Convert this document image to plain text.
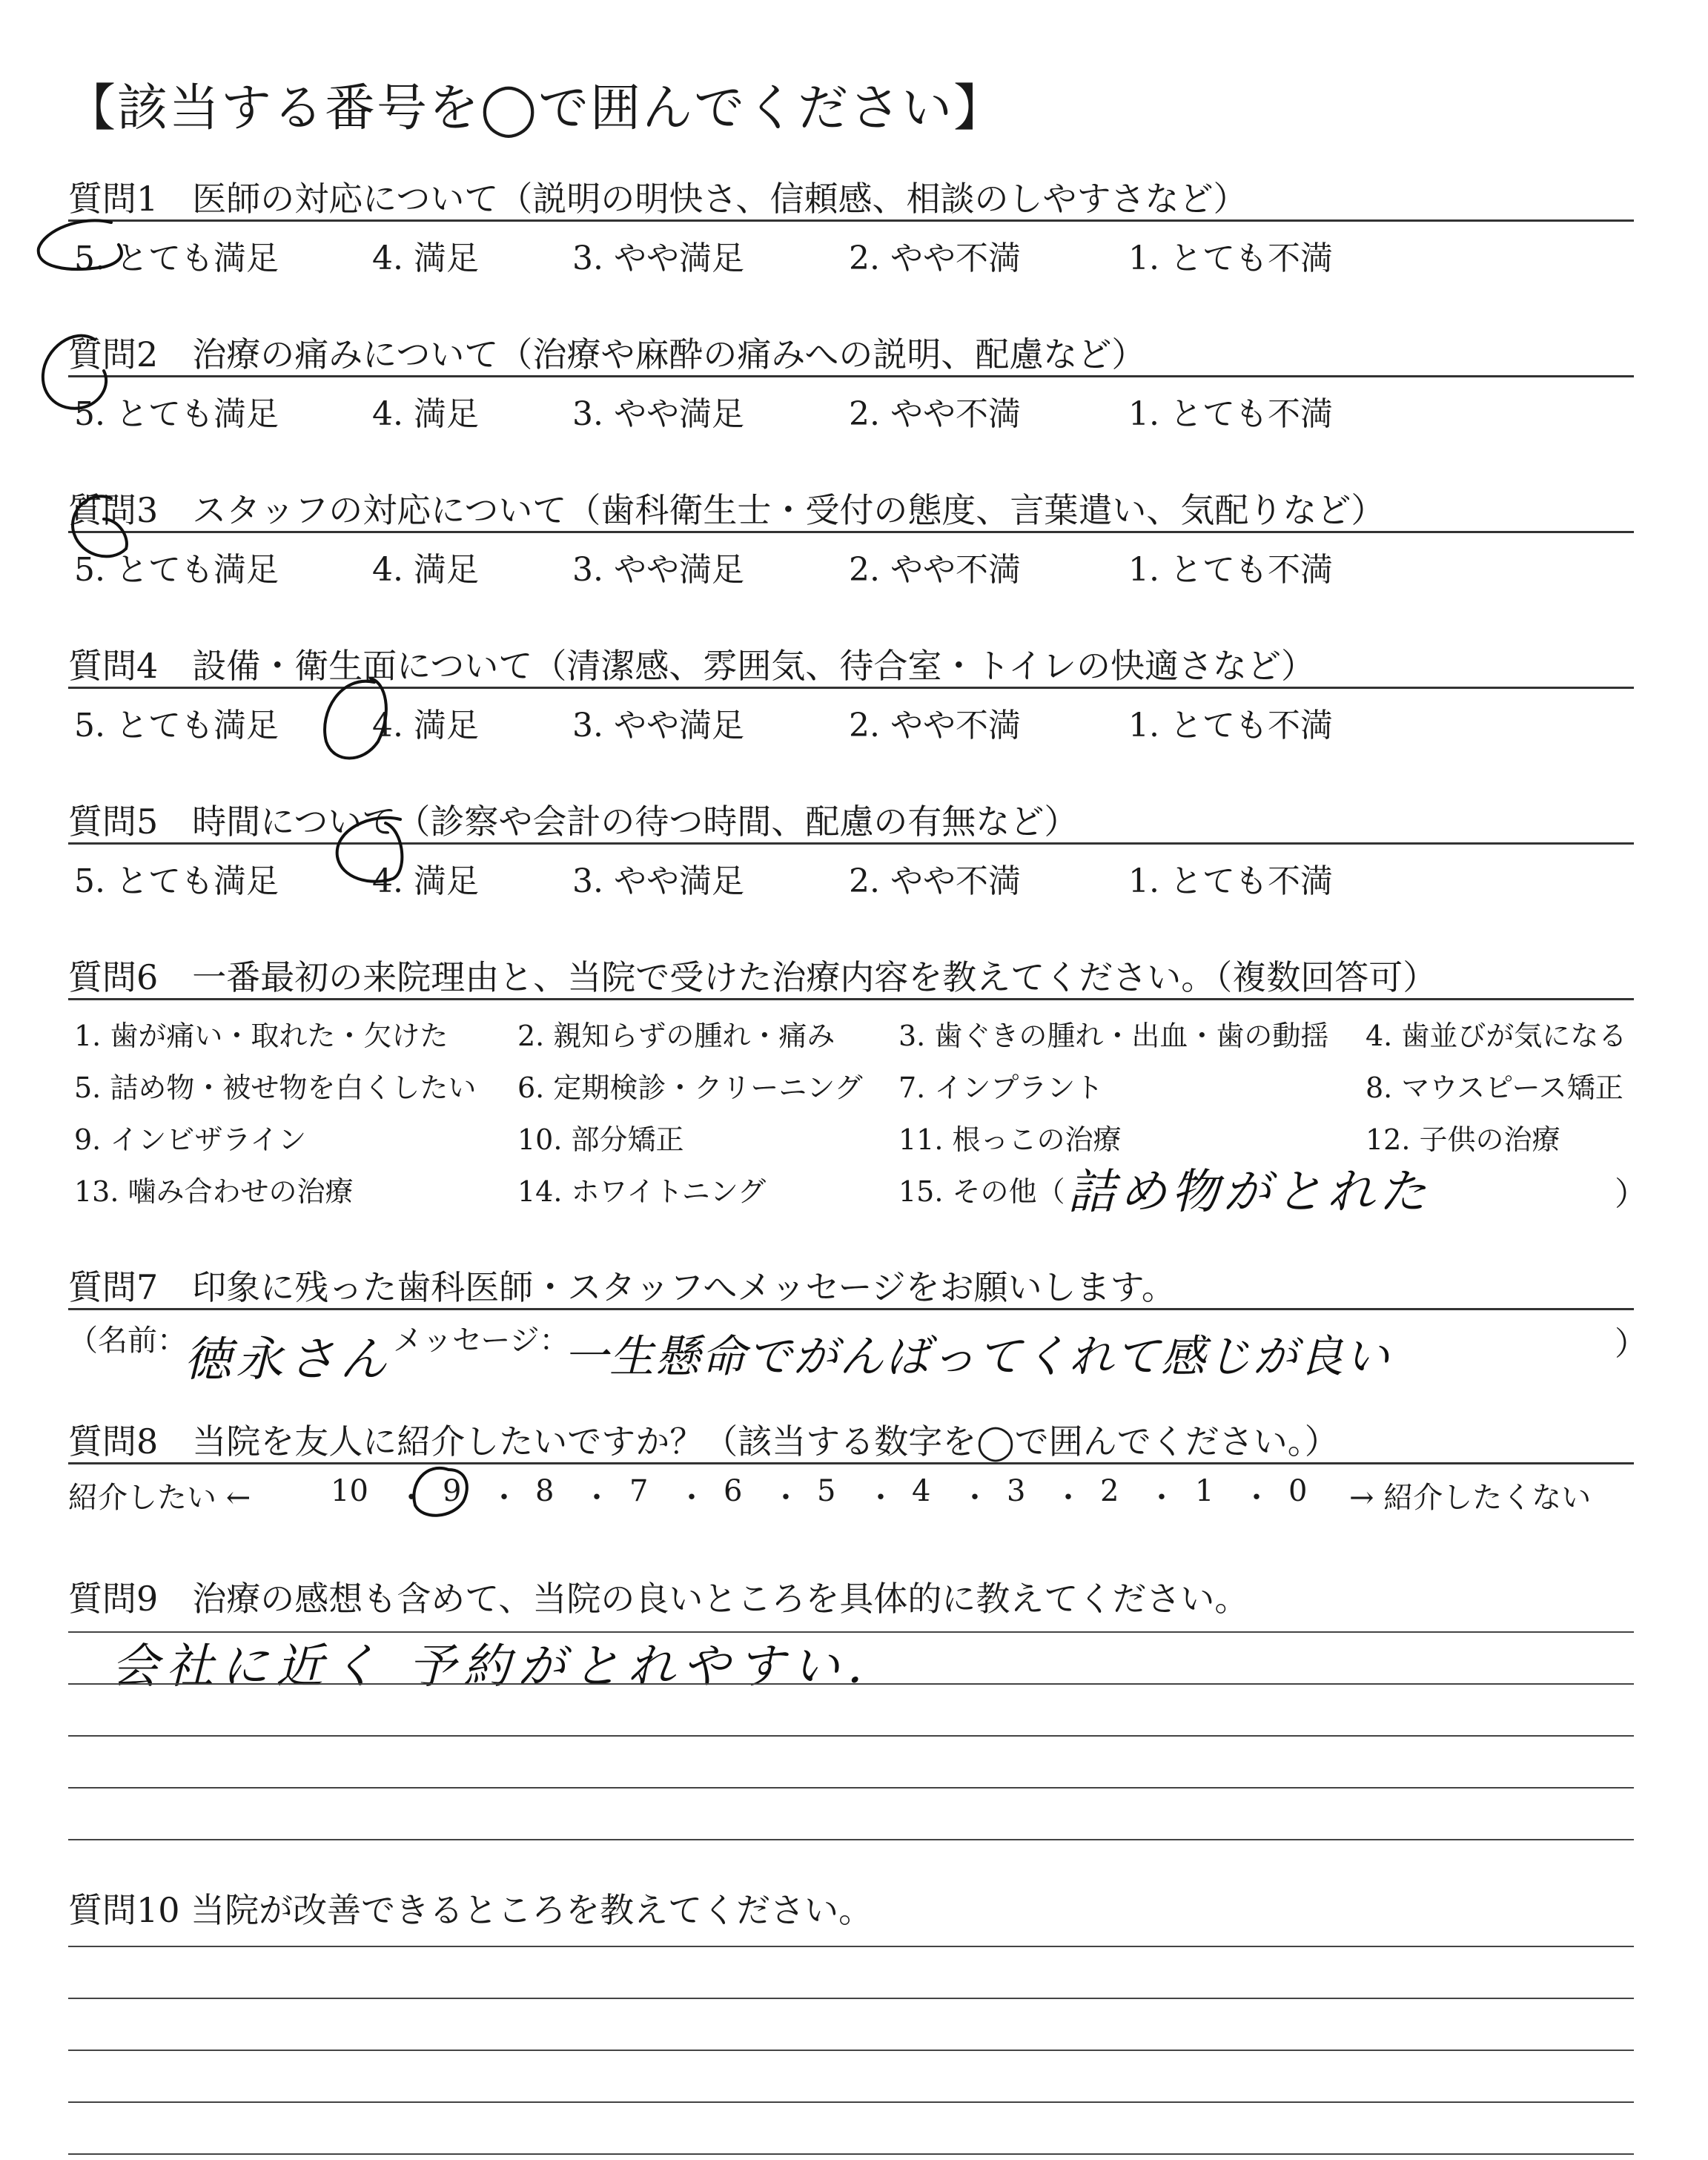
【該当する番号を◯で囲んでください】
質問1　医師の対応について（説明の明快さ、信頼感、相談のしやすさなど）
5. とても満足	4. 満足	3. やや満足	2. やや不満	1. とても不満
質問2　治療の痛みについて（治療や麻酔の痛みへの説明、配慮など）
5. とても満足	4. 満足	3. やや満足	2. やや不満	1. とても不満
質問3　スタッフの対応について（歯科衛生士・受付の態度、言葉遣い、気配りなど）
5. とても満足	4. 満足	3. やや満足	2. やや不満	1. とても不満
質問4　設備・衛生面について（清潔感、雰囲気、待合室・トイレの快適さなど）
5. とても満足	4. 満足	3. やや満足	2. やや不満	1. とても不満
質問5　時間について（診察や会計の待つ時間、配慮の有無など）
5. とても満足	4. 満足	3. やや満足	2. やや不満	1. とても不満
質問6　一番最初の来院理由と、当院で受けた治療内容を教えてください。（複数回答可）
1. 歯が痛い・取れた・欠けた 2. 親知らずの腫れ・痛み 3. 歯ぐきの腫れ・出血・歯の動揺 4. 歯並びが気になる
5. 詰め物・被せ物を白くしたい 6. 定期検診・クリーニング 7. インプラント	8. マウスピース矯正
9. インビザライン	10. 部分矯正	11. 根っこの治療	12. 子供の治療
13. 噛み合わせの治療	14. ホワイトニング	15. その他（ 詰め物がとれた	）
質問7　印象に残った歯科医師・スタッフへメッセージをお願いします。
（名前：
徳永さん メッセージ：
一生懸命でがんばってくれて感じが良い	）
質問8　当院を友人に紹介したいですか？（該当する数字を◯で囲んでください。）
紹介したい ←	10 ・ 9 ・ 8 ・ 7 ・ 6 ・ 5 ・ 4 ・ 3 ・ 2 ・ 1 ・ 0 → 紹介したくない
質問9　治療の感想も含めて、当院の良いところを具体的に教えてください。
会社に近く 予約がとれやすい．
質問10 当院が改善できるところを教えてください。
